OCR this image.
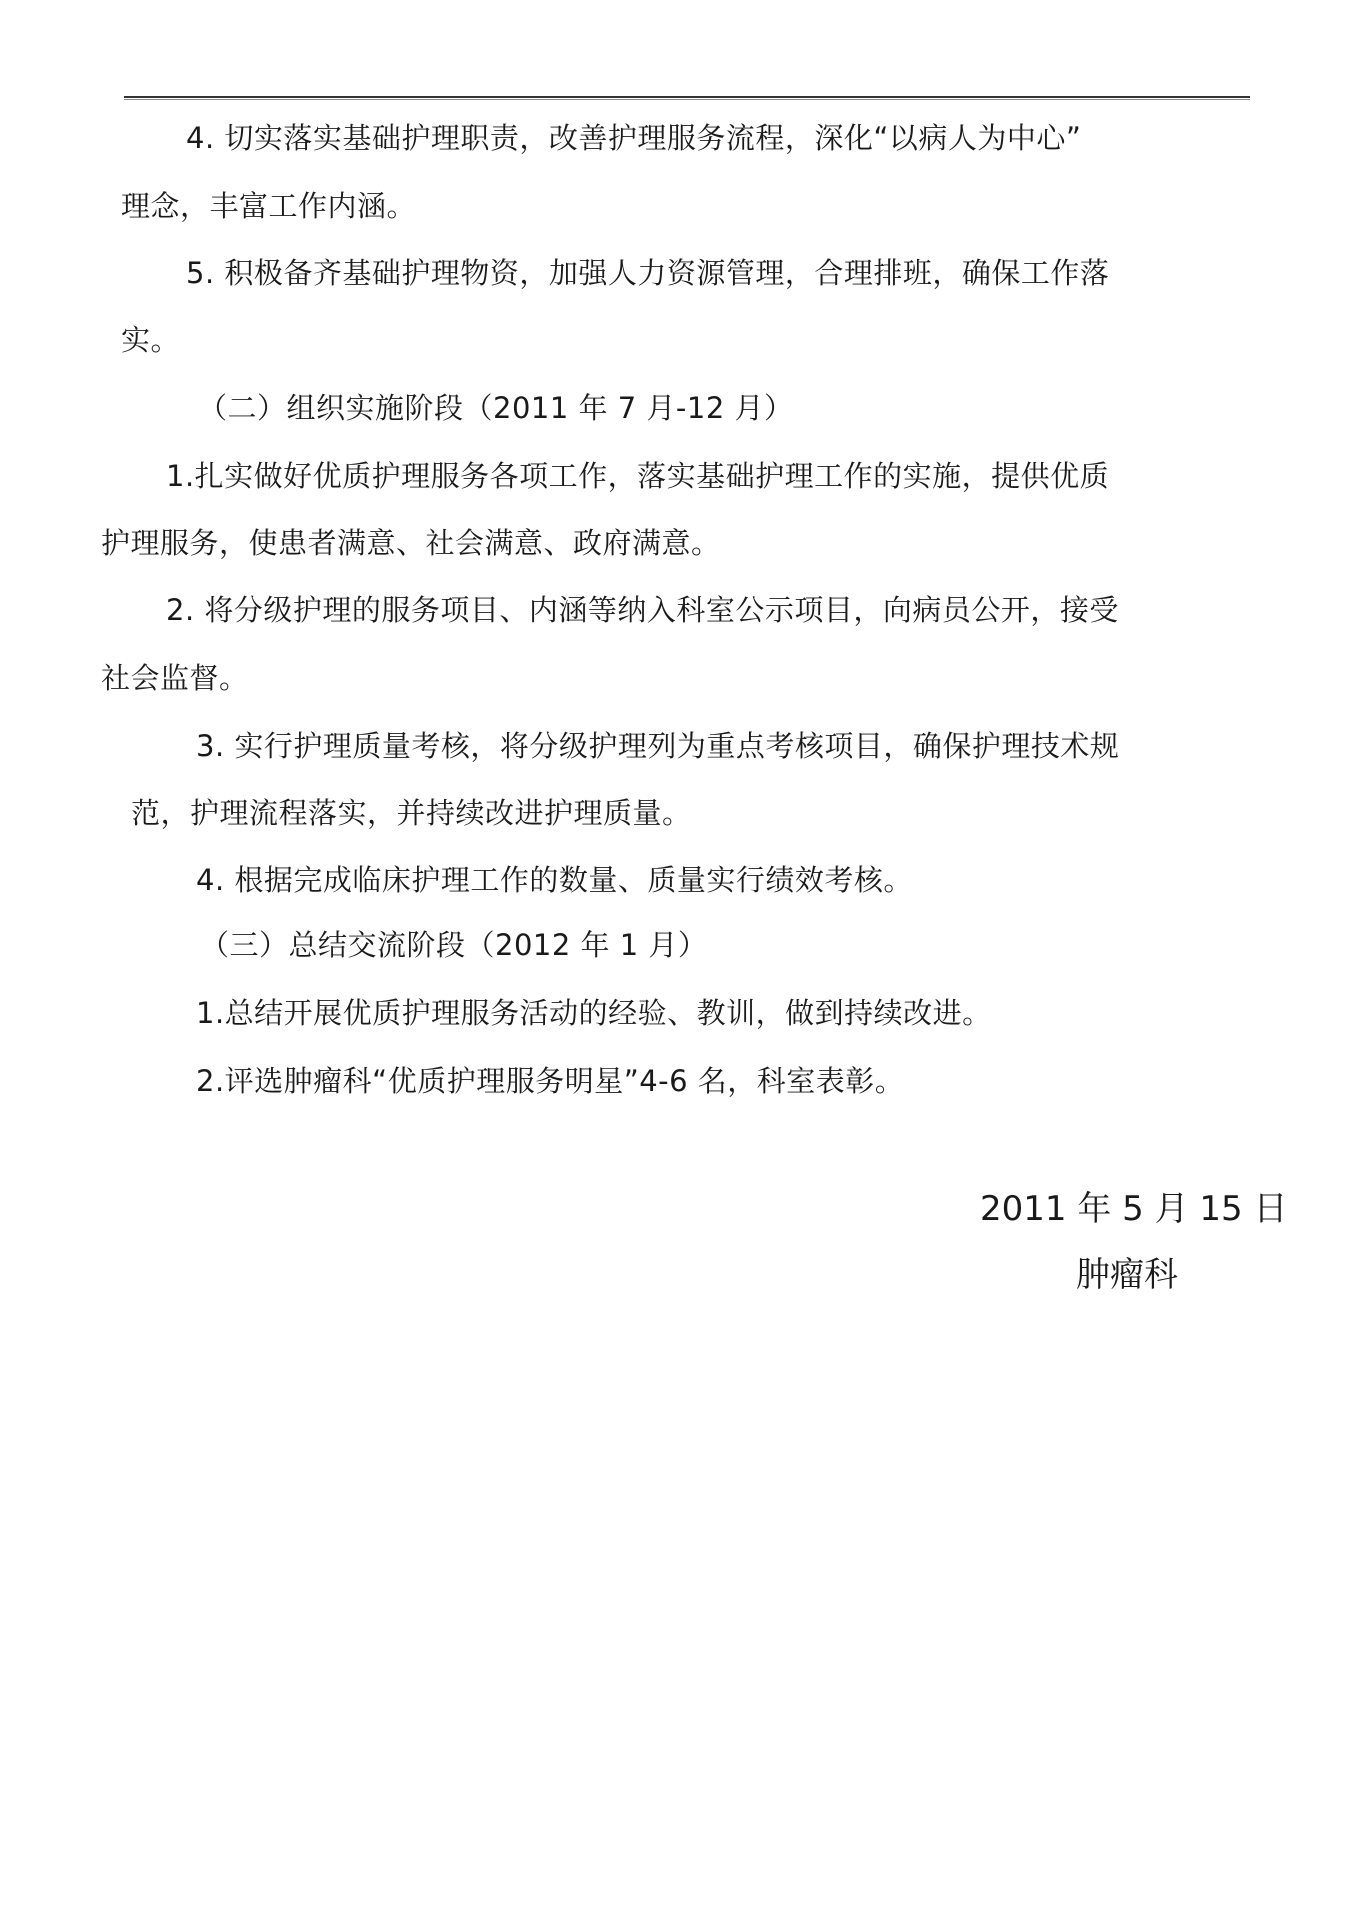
4. 切实落实基础护理职责，改善护理服务流程，深化“以病人为中心”
理念，丰富工作内涵。
5. 积极备齐基础护理物资，加强人力资源管理，合理排班，确保工作落
实。
（二）组织实施阶段（2011 年 7 月-12 月）
1.扎实做好优质护理服务各项工作，落实基础护理工作的实施，提供优质
护理服务，使患者满意、社会满意、政府满意。
2. 将分级护理的服务项目、内涵等纳入科室公示项目，向病员公开，接受
社会监督。
3. 实行护理质量考核，将分级护理列为重点考核项目，确保护理技术规
范，护理流程落实，并持续改进护理质量。
4. 根据完成临床护理工作的数量、质量实行绩效考核。
（三）总结交流阶段（2012 年 1 月）
1.总结开展优质护理服务活动的经验、教训，做到持续改进。
2.评选肿瘤科“优质护理服务明星”4-6 名，科室表彰。
2011 年 5 月 15 日
肿瘤科
